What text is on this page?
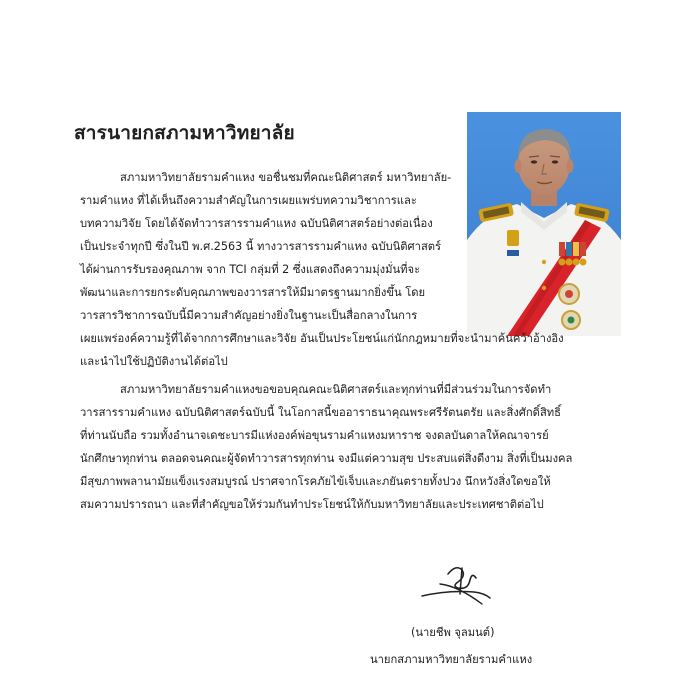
สารนายกสภามหาวิทยาลัย
สภามหาวิทยาลัยรามคำแหง ขอชื่นชมที่คณะนิติศาสตร์ มหาวิทยาลัย-
รามคำแหง ที่ได้เห็นถึงความสำคัญในการเผยแพร่บทความวิชาการและ
บทความวิจัย โดยได้จัดทำวารสารรามคำแหง ฉบับนิติศาสตร์อย่างต่อเนื่อง
เป็นประจำทุกปี ซึ่งในปี พ.ศ.2563 นี้ ทางวารสารรามคำแหง ฉบับนิติศาสตร์
ได้ผ่านการรับรองคุณภาพ จาก TCI กลุ่มที่ 2 ซึ่งแสดงถึงความมุ่งมั่นที่จะ
พัฒนาและการยกระดับคุณภาพของวารสารให้มีมาตรฐานมากยิ่งขึ้น โดย
วารสารวิชาการฉบับนี้มีความสำคัญอย่างยิ่งในฐานะเป็นสื่อกลางในการ
เผยแพร่องค์ความรู้ที่ได้จากการศึกษาและวิจัย อันเป็นประโยชน์แก่นักกฎหมายที่จะนำมาค้นคว้าอ้างอิง
และนำไปใช้ปฏิบัติงานได้ต่อไป
สภามหาวิทยาลัยรามคำแหงขอขอบคุณคณะนิติศาสตร์และทุกท่านที่มีส่วนร่วมในการจัดทำ
วารสารรามคำแหง ฉบับนิติศาสตร์ฉบับนี้ ในโอกาสนี้ขออาราธนาคุณพระศรีรัตนตรัย และสิ่งศักดิ์สิทธิ์
ที่ท่านนับถือ รวมทั้งอำนาจเดชะบารมีแห่งองค์พ่อขุนรามคำแหงมหาราช จงดลบันดาลให้คณาจารย์
นักศึกษาทุกท่าน ตลอดจนคณะผู้จัดทำวารสารทุกท่าน จงมีแต่ความสุข ประสบแต่สิ่งดีงาม สิ่งที่เป็นมงคล
มีสุขภาพพลานามัยแข็งแรงสมบูรณ์ ปราศจากโรคภัยไข้เจ็บและภยันตรายทั้งปวง นึกหวังสิ่งใดขอให้
สมความปรารถนา และที่สำคัญขอให้ร่วมกันทำประโยชน์ให้กับมหาวิทยาลัยและประเทศชาติต่อไป
(นายชีพ จุลมนต์)
นายกสภามหาวิทยาลัยรามคำแหง
